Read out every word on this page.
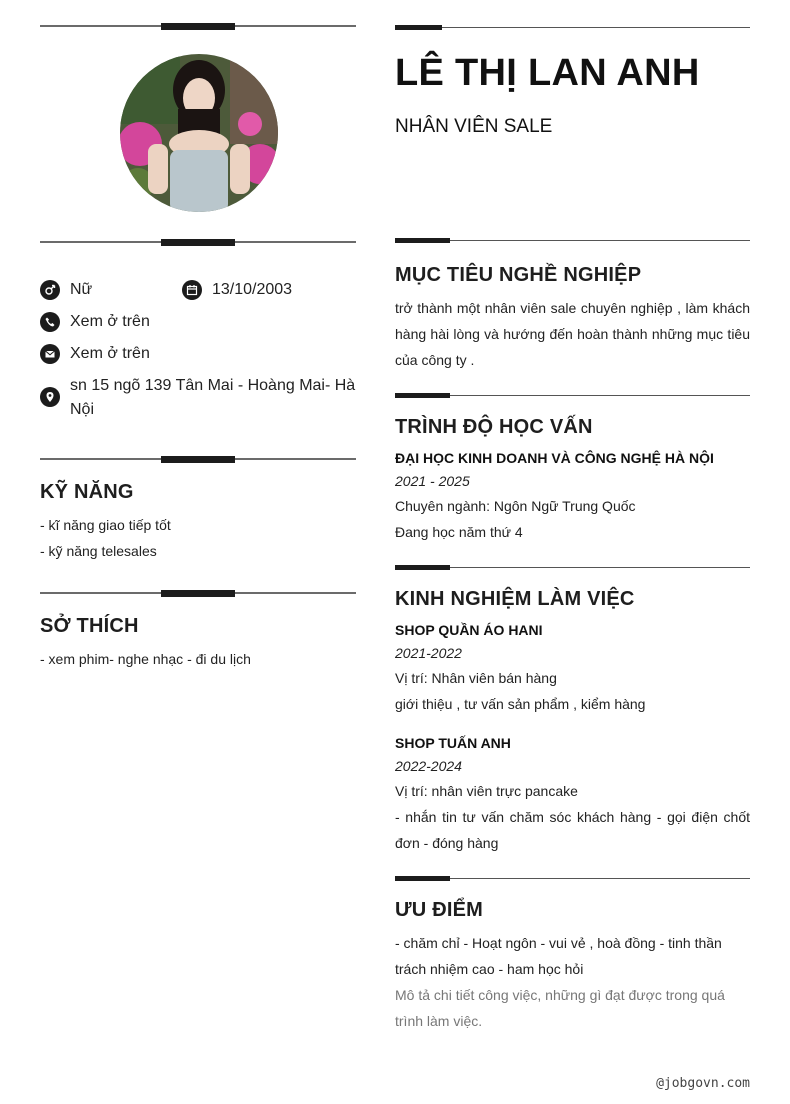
Nữ	13/10/2003
Xem ở trên
Xem ở trên
sn 15 ngõ 139 Tân Mai - Hoàng Mai- Hà Nội
KỸ NĂNG
- kĩ năng giao tiếp tốt
- kỹ năng telesales
SỞ THÍCH
- xem phim- nghe nhạc - đi du lịch
LÊ THỊ LAN ANH
NHÂN VIÊN SALE
MỤC TIÊU NGHỀ NGHIỆP
trở thành một nhân viên sale chuyên nghiệp , làm khách hàng hài lòng và hướng đến hoàn thành những mục tiêu của công ty .
TRÌNH ĐỘ HỌC VẤN
ĐẠI HỌC KINH DOANH VÀ CÔNG NGHỆ HÀ NỘI
2021 - 2025
Chuyên ngành: Ngôn Ngữ Trung Quốc
Đang học năm thứ 4
KINH NGHIỆM LÀM VIỆC
SHOP QUẦN ÁO HANI
2021-2022
Vị trí: Nhân viên bán hàng
giới thiệu , tư vấn sản phẩm , kiểm hàng
SHOP TUẤN ANH
2022-2024
Vị trí: nhân viên trực pancake
- nhắn tin tư vấn chăm sóc khách hàng - gọi điện chốt đơn - đóng hàng
ƯU ĐIỂM
- chăm chỉ - Hoạt ngôn - vui vẻ , hoà đồng - tinh thần trách nhiệm cao - ham học hỏi
Mô tả chi tiết công việc, những gì đạt được trong quá trình làm việc.
@jobgovn.com
